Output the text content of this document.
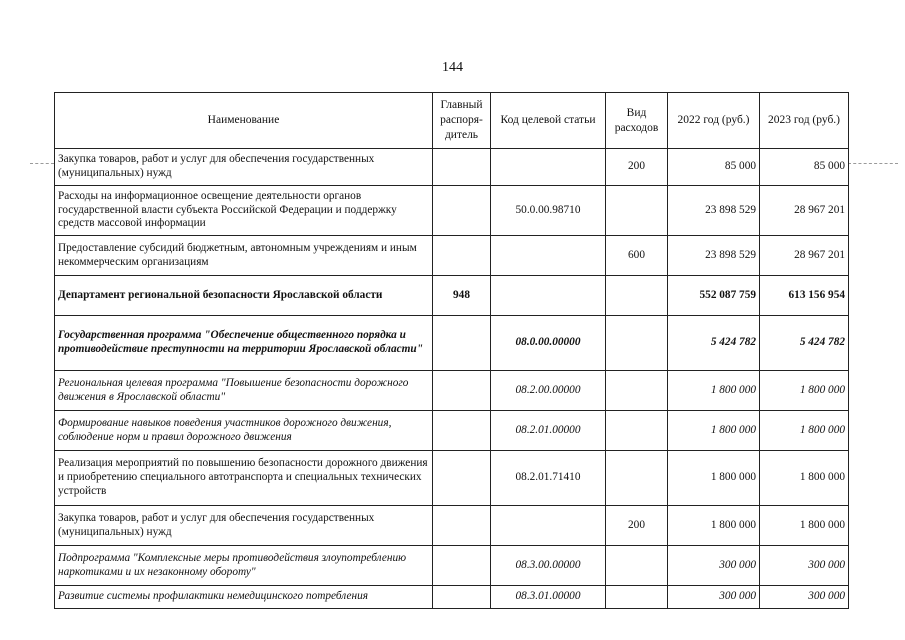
144
Наименование	Главный распоря-дитель	Код целевой статьи	Вид расходов	2022 год (руб.)	2023 год (руб.)
Закупка товаров, работ и услуг для обеспечения государственных (муниципальных) нужд			200	85 000	85 000
Расходы на информационное освещение деятельности органов государственной власти субъекта Российской Федерации и поддержку средств массовой информации		50.0.00.98710		23 898 529	28 967 201
Предоставление субсидий бюджетным, автономным учреждениям и иным некоммерческим организациям			600	23 898 529	28 967 201
Департамент региональной безопасности Ярославской области	948			552 087 759	613 156 954
Государственная программа "Обеспечение общественного порядка и противодействие преступности на территории Ярославской области"		08.0.00.00000		5 424 782	5 424 782
Региональная целевая программа "Повышение безопасности дорожного движения в Ярославской области"		08.2.00.00000		1 800 000	1 800 000
Формирование навыков поведения участников дорожного движения, соблюдение норм и правил дорожного движения		08.2.01.00000		1 800 000	1 800 000
Реализация мероприятий по повышению безопасности дорожного движения и приобретению специального автотранспорта и специальных технических устройств		08.2.01.71410		1 800 000	1 800 000
Закупка товаров, работ и услуг для обеспечения государственных (муниципальных) нужд			200	1 800 000	1 800 000
Подпрограмма "Комплексные меры противодействия злоупотреблению наркотиками и их незаконному обороту"		08.3.00.00000		300 000	300 000
Развитие системы профилактики немедицинского потребления		08.3.01.00000		300 000	300 000
